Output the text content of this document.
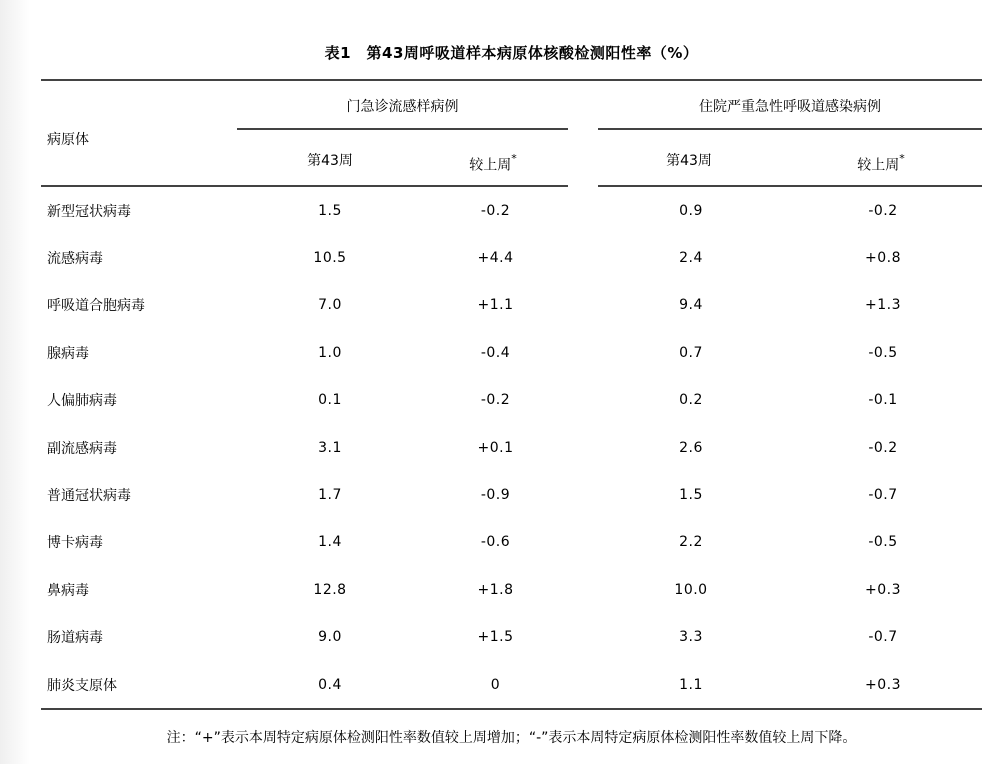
表1　第43周呼吸道样本病原体核酸检测阳性率（%）
病原体
门急诊流感样病例	住院严重急性呼吸道感染病例
第43周	较上周*	第43周	较上周*
新型冠状病毒	1.5	-0.2	0.9	-0.2
流感病毒	10.5	+4.4	2.4	+0.8
呼吸道合胞病毒	7.0	+1.1	9.4	+1.3
腺病毒	1.0	-0.4	0.7	-0.5
人偏肺病毒	0.1	-0.2	0.2	-0.1
副流感病毒	3.1	+0.1	2.6	-0.2
普通冠状病毒	1.7	-0.9	1.5	-0.7
博卡病毒	1.4	-0.6	2.2	-0.5
鼻病毒	12.8	+1.8	10.0	+0.3
肠道病毒	9.0	+1.5	3.3	-0.7
肺炎支原体	0.4	0	1.1	+0.3
注：“+”表示本周特定病原体检测阳性率数值较上周增加；“-”表示本周特定病原体检测阳性率数值较上周下降。
